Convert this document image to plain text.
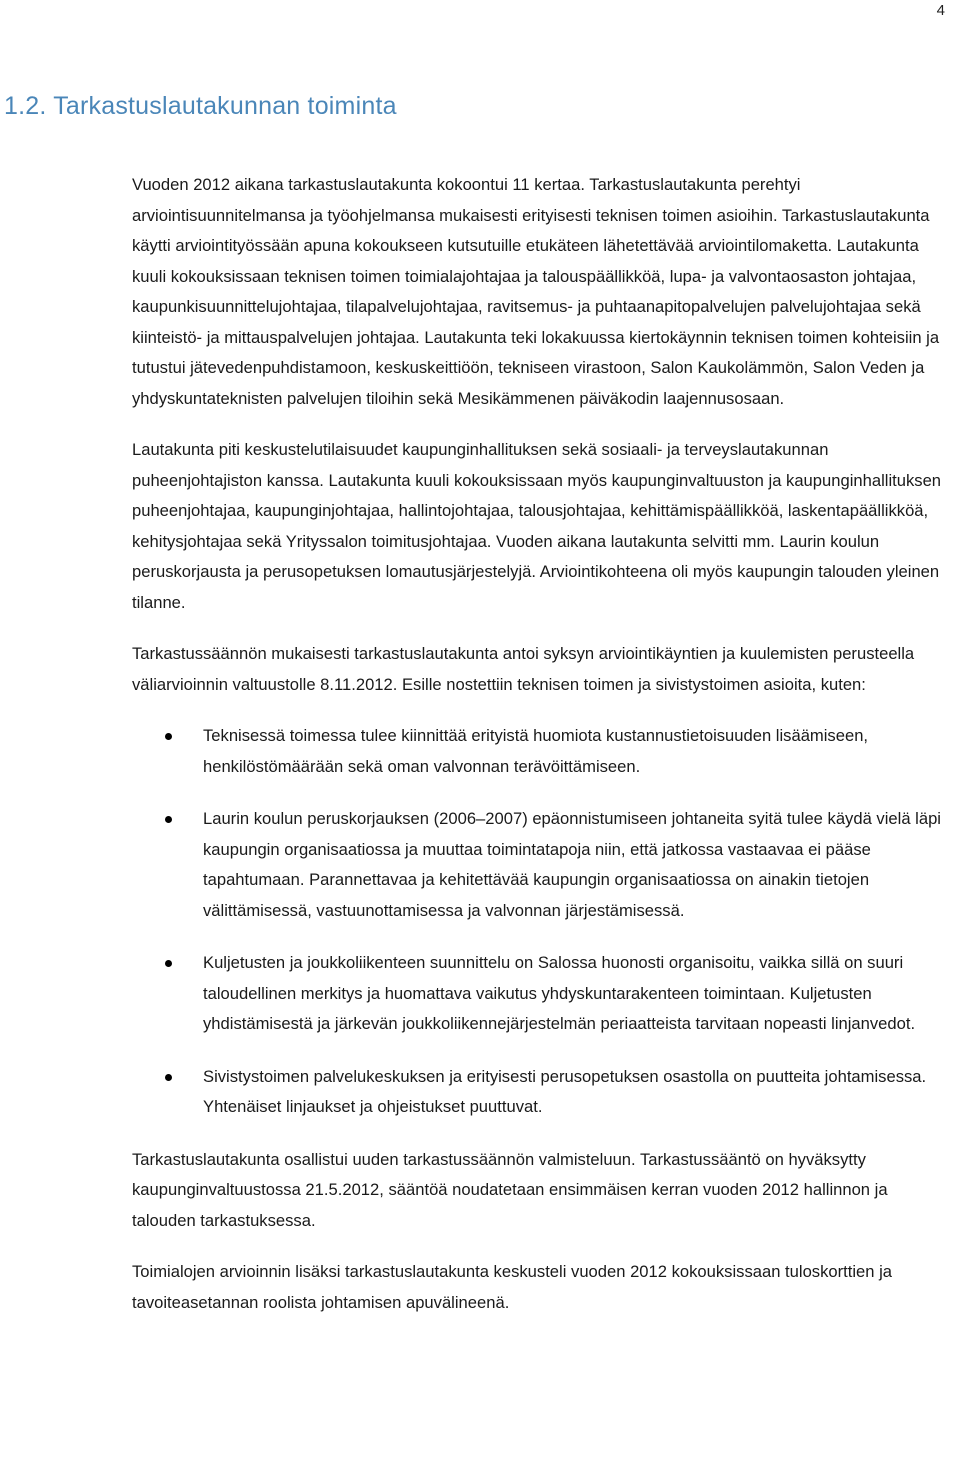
4
1.2. Tarkastuslautakunnan toiminta

Vuoden 2012 aikana tarkastuslautakunta kokoontui 11 kertaa. Tarkastuslautakunta perehtyi arviointisuunnitelmansa ja työohjelmansa mukaisesti erityisesti teknisen toimen asioihin. Tarkastuslautakunta käytti arviointityössään apuna kokoukseen kutsutuille etukäteen lähetettävää arviointilomaketta. Lautakunta kuuli kokouksissaan teknisen toimen toimialajohtajaa ja talouspäällikköä, lupa- ja valvontaosaston johtajaa, kaupunkisuunnittelujohtajaa, tilapalvelujohtajaa, ravitsemus- ja puhtaanapitopalvelujen palvelujohtajaa sekä kiinteistö- ja mittauspalvelujen johtajaa. Lautakunta teki lokakuussa kiertokäynnin teknisen toimen kohteisiin ja tutustui jätevedenpuhdistamoon, keskuskeittiöön, tekniseen virastoon, Salon Kaukolämmön, Salon Veden ja yhdyskuntateknisten palvelujen tiloihin sekä Mesikämmenen päiväkodin laajennusosaan.

Lautakunta piti keskustelutilaisuudet kaupunginhallituksen sekä sosiaali- ja terveyslautakunnan puheenjohtajiston kanssa. Lautakunta kuuli kokouksissaan myös kaupunginvaltuuston ja kaupunginhallituksen puheenjohtajaa, kaupunginjohtajaa, hallintojohtajaa, talousjohtajaa, kehittämispäällikköä, laskentapäällikköä, kehitysjohtajaa sekä Yrityssalon toimitusjohtajaa. Vuoden aikana lautakunta selvitti mm. Laurin koulun peruskorjausta ja perusopetuksen lomautusjärjestelyjä. Arviointikohteena oli myös kaupungin talouden yleinen tilanne.

Tarkastussäännön mukaisesti tarkastuslautakunta antoi syksyn arviointikäyntien ja kuulemisten perusteella väliarvioinnin valtuustolle 8.11.2012. Esille nostettiin teknisen toimen ja sivistystoimen asioita, kuten:

Teknisessä toimessa tulee kiinnittää erityistä huomiota kustannustietoisuuden lisäämiseen, henkilöstömäärään sekä oman valvonnan terävöittämiseen.
Laurin koulun peruskorjauksen (2006–2007) epäonnistumiseen johtaneita syitä tulee käydä vielä läpi kaupungin organisaatiossa ja muuttaa toimintatapoja niin, että jatkossa vastaavaa ei pääse tapahtumaan. Parannettavaa ja kehitettävää kaupungin organisaatiossa on ainakin tietojen välittämisessä, vastuunottamisessa ja valvonnan järjestämisessä.
Kuljetusten ja joukkoliikenteen suunnittelu on Salossa huonosti organisoitu, vaikka sillä on suuri taloudellinen merkitys ja huomattava vaikutus yhdyskuntarakenteen toimintaan. Kuljetusten yhdistämisestä ja järkevän joukkoliikennejärjestelmän periaatteista tarvitaan nopeasti linjanvedot.
Sivistystoimen palvelukeskuksen ja erityisesti perusopetuksen osastolla on puutteita johtamisessa. Yhtenäiset linjaukset ja ohjeistukset puuttuvat.

Tarkastuslautakunta osallistui uuden tarkastussäännön valmisteluun. Tarkastussääntö on hyväksytty kaupunginvaltuustossa 21.5.2012, sääntöä noudatetaan ensimmäisen kerran vuoden 2012 hallinnon ja talouden tarkastuksessa.

Toimialojen arvioinnin lisäksi tarkastuslautakunta keskusteli vuoden 2012 kokouksissaan tuloskorttien ja tavoiteasetannan roolista johtamisen apuvälineenä.
